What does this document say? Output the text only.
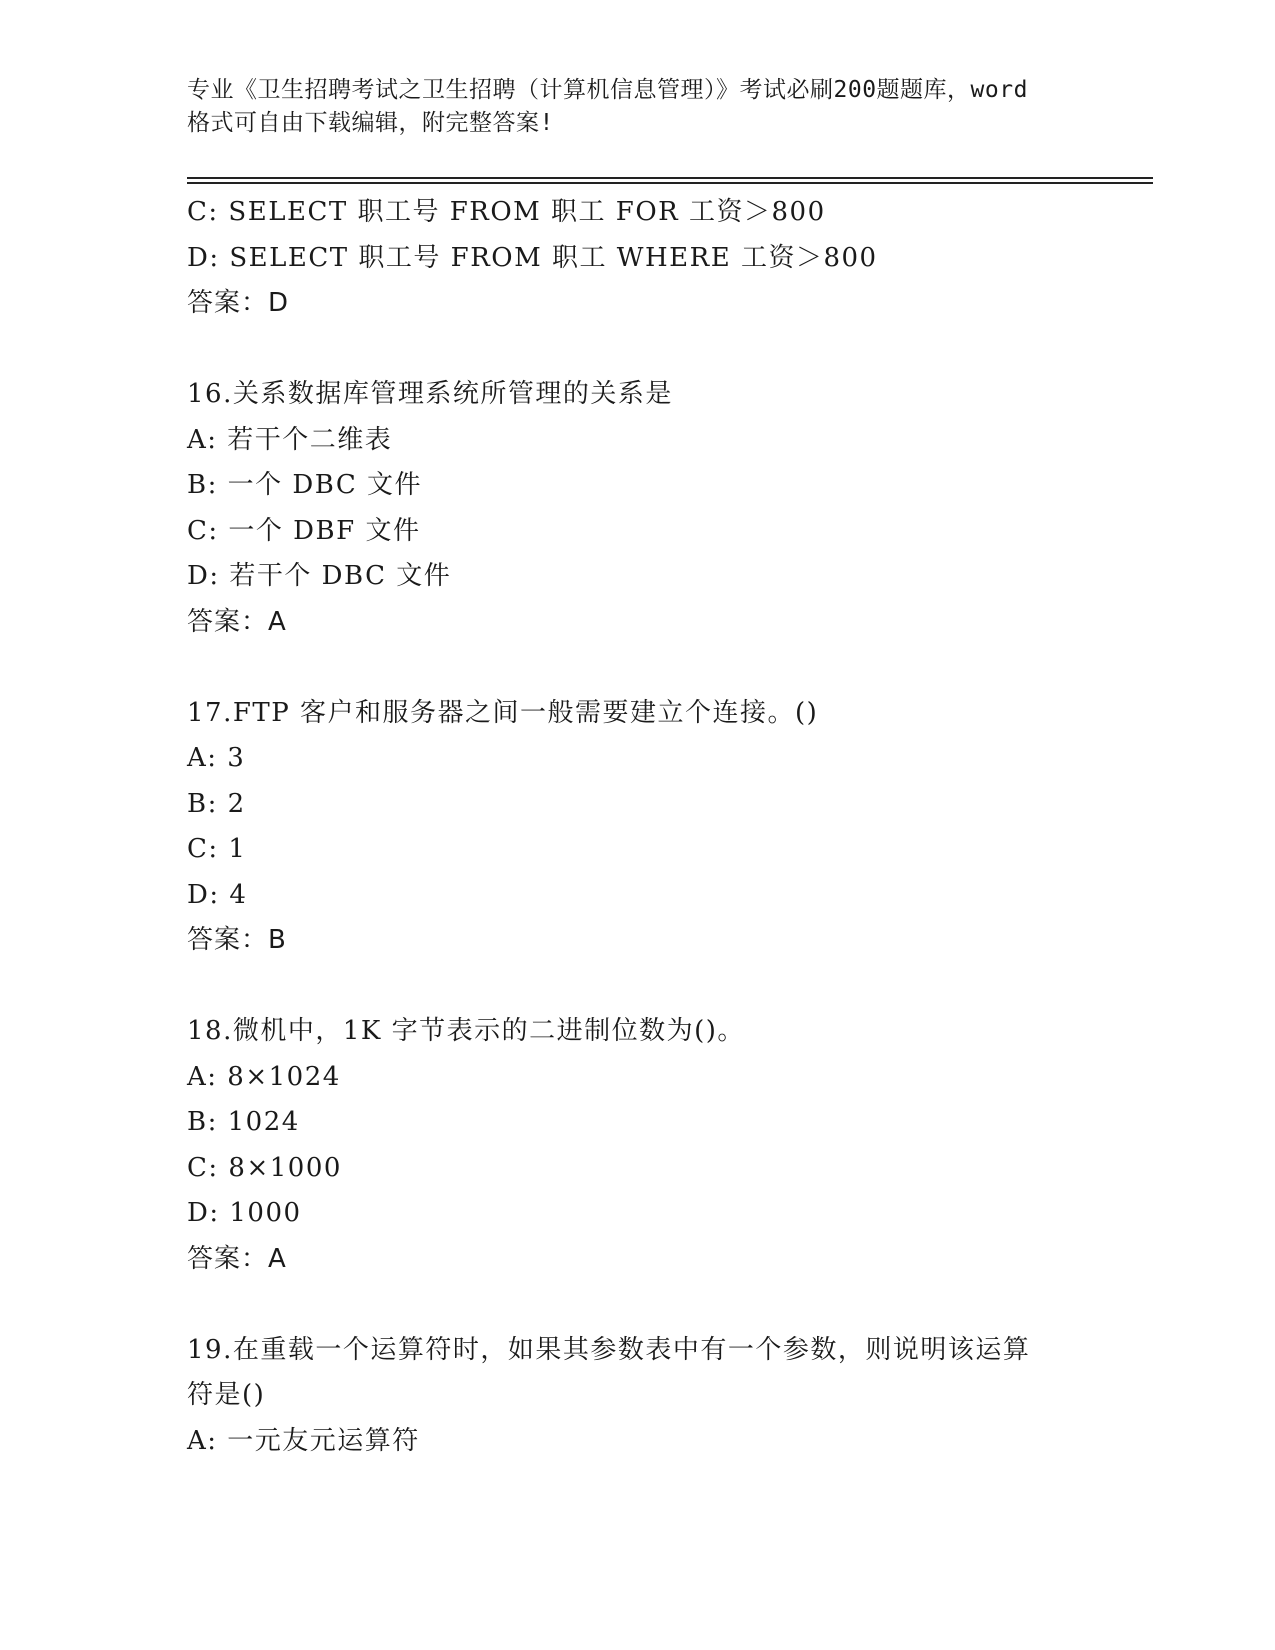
专业《卫生招聘考试之卫生招聘（计算机信息管理）》考试必刷200题题库，word
格式可自由下载编辑，附完整答案!
C: SELECT 职工号 FROM 职工 FOR 工资＞800
D: SELECT 职工号 FROM 职工 WHERE 工资＞800
答案：D
16.关系数据库管理系统所管理的关系是
A: 若干个二维表
B: 一个 DBC 文件
C: 一个 DBF 文件
D: 若干个 DBC 文件
答案：A
17.FTP 客户和服务器之间一般需要建立个连接。()
A: 3
B: 2
C: 1
D: 4
答案：B
18.微机中，1K 字节表示的二进制位数为()。
A: 8×1024
B: 1024
C: 8×1000
D: 1000
答案：A
19.在重载一个运算符时，如果其参数表中有一个参数，则说明该运算
符是()
A: 一元友元运算符
